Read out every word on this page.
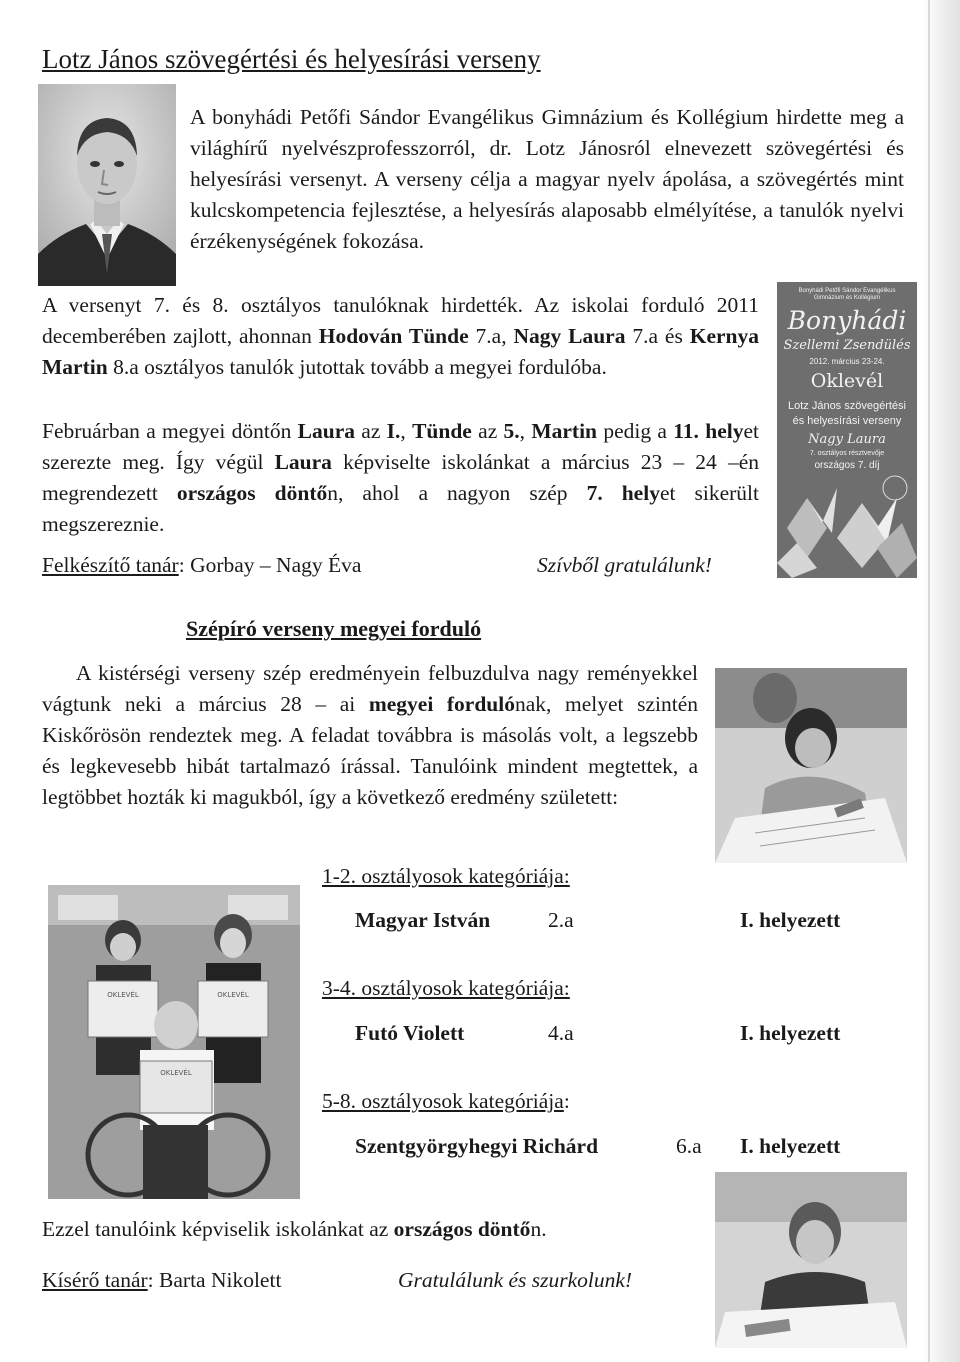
Lotz János szövegértési és helyesírási verseny
A bonyhádi Petőfi Sándor Evangélikus Gimnázium és Kollégium hirdette meg a világhírű nyelvészprofesszorról, dr. Lotz Jánosról elnevezett szövegértési és helyesírási versenyt. A verseny célja a magyar nyelv ápolása, a szövegértés mint kulcskompetencia fejlesztése, a helyesírás alaposabb elmélyítése, a tanulók nyelvi érzékenységének fokozása.
A versenyt 7. és 8. osztályos tanulóknak hirdették. Az iskolai forduló 2011 decemberében zajlott, ahonnan Hodován Tünde 7.a, Nagy Laura 7.a és Kernya Martin 8.a osztályos tanulók jutottak tovább a megyei fordulóba.
Februárban a megyei döntőn Laura az I., Tünde az 5., Martin pedig a 11. helyet szerezte meg. Így végül Laura képviselte iskolánkat a március 23 – 24 –én megrendezett országos döntőn, ahol a nagyon szép 7. helyet sikerült megszereznie.
Felkészítő tanár: Gorbay – Nagy Éva	Szívből gratulálunk!
Bonyhádi Petőfi Sándor Evangélikus Gimnázium és Kollégium
Bonyhádi
Szellemi Zsendülés
2012. március 23-24.
Oklevél
Lotz János szövegértési
és helyesírási verseny
Nagy Laura
7. osztályos résztvevője
országos 7. díj
Szépíró verseny megyei forduló
A kistérségi verseny szép eredményein felbuzdulva nagy reményekkel vágtunk neki a március 28 – ai megyei fordulónak, melyet szintén Kiskőrösön rendeztek meg. A feladat továbbra is másolás volt, a legszebb és legkevesebb hibát tartalmazó írással. Tanulóink mindent megtettek, a legtöbbet hozták ki magukból, így a következő eredmény született:
OKLEVÉL	OKLEVÉL
OKLEVÉL
1-2. osztályosok kategóriája:
Magyar István	2.a	I. helyezett
3-4. osztályosok kategóriája:
Futó Violett	4.a	I. helyezett
5-8. osztályosok kategóriája:
Szentgyörgyhegyi Richárd	6.a I. helyezett
Ezzel tanulóink képviselik iskolánkat az országos döntőn.
Kísérő tanár: Barta Nikolett	Gratulálunk és szurkolunk!
